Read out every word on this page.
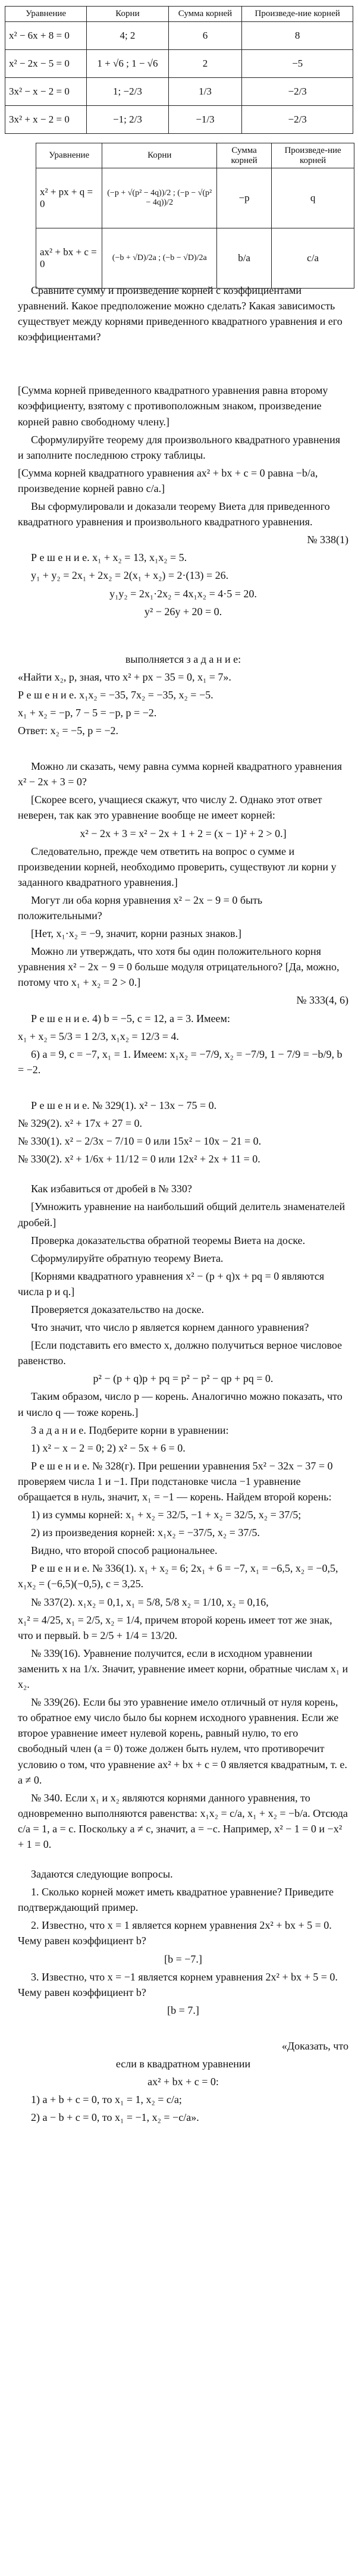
Уравнение	Корни	Сумма корней	Произведе-ние корней
x² − 6x + 8 = 0	4; 2	6	8
x² − 2x − 5 = 0	1 + √6 ; 1 − √6	2	−5
3x² − x − 2 = 0	1; −2/3	1/3	−2/3
3x² + x − 2 = 0	−1; 2/3	−1/3	−2/3
Уравнение	Корни	Сумма корней	Произведе-ние корней
x² + px + q = 0	(−p + √(p² − 4q))/2 ; (−p − √(p² − 4q))/2	−p	q
ax² + bx + c = 0	(−b + √D)/2a ; (−b − √D)/2a	b/a	c/a

Сравните сумму и произведение корней с коэффициентами уравнений. Какое предположение можно сделать? Какая зависимость существует между корнями приведенного квадратного уравнения и его коэффициентами?

[Сумма корней приведенного квадратного уравнения равна второму коэффициенту, взятому с противоположным знаком, произведение корней равно свободному члену.]

Сформулируйте теорему для произвольного квадратного уравнения и заполните последнюю строку таблицы.

[Сумма корней квадратного уравнения ax² + bx + c = 0 равна −b/a, произведение корней равно c/a.]

Вы сформулировали и доказали теорему Виета для приведенного квадратного уравнения и произвольного квадратного уравнения.

№ 338(1)

Р е ш е н и е. x₁ + x₂ = 13, x₁x₂ = 5.

y₁ + y₂ = 2x₁ + 2x₂ = 2(x₁ + x₂) = 2·(13) = 26.

y₁y₂ = 2x₁·2x₂ = 4x₁x₂ = 4·5 = 20.

y² − 26y + 20 = 0.

выполняется з а д а н и е:

«Найти x₂, p, зная, что x² + px − 35 = 0, x₁ = 7».

Р е ш е н и е. x₁x₂ = −35, 7x₂ = −35, x₂ = −5.

x₁ + x₂ = −p, 7 − 5 = −p, p = −2.

Ответ: x₂ = −5, p = −2.

Можно ли сказать, чему равна сумма корней квадратного уравнения x² − 2x + 3 = 0?

[Скорее всего, учащиеся скажут, что числу 2. Однако этот ответ неверен, так как это уравнение вообще не имеет корней:

x² − 2x + 3 = x² − 2x + 1 + 2 = (x − 1)² + 2 > 0.]

Следовательно, прежде чем ответить на вопрос о сумме и произведении корней, необходимо проверить, существуют ли корни у заданного квадратного уравнения.]

Могут ли оба корня уравнения x² − 2x − 9 = 0 быть положительными?

[Нет, x₁·x₂ = −9, значит, корни разных знаков.]

Можно ли утверждать, что хотя бы один положительного корня уравнения x² − 2x − 9 = 0 больше модуля отрицательного? [Да, можно, потому что x₁ + x₂ = 2 > 0.]

№ 333(4, 6)

Р е ш е н и е. 4) b = −5, c = 12, a = 3. Имеем:

x₁ + x₂ = 5/3 = 1 2/3, x₁x₂ = 12/3 = 4.

6) a = 9, c = −7, x₁ = 1. Имеем: x₁x₂ = −7/9, x₂ = −7/9, 1 − 7/9 = −b/9, b = −2.

Р е ш е н и е. № 329(1). x² − 13x − 75 = 0.

№ 329(2). x² + 17x + 27 = 0.

№ 330(1). x² − 2/3x − 7/10 = 0 или 15x² − 10x − 21 = 0.

№ 330(2). x² + 1/6x + 11/12 = 0 или 12x² + 2x + 11 = 0.

Как избавиться от дробей в № 330?

[Умножить уравнение на наибольший общий делитель знаменателей дробей.]

Проверка доказательства обратной теоремы Виета на доске.

Сформулируйте обратную теорему Виета.

[Корнями квадратного уравнения x² − (p + q)x + pq = 0 являются числа p и q.]

Проверяется доказательство на доске.

Что значит, что число p является корнем данного уравнения?

[Если подставить его вместо x, должно получиться верное числовое равенство.

p² − (p + q)p + pq = p² − p² − qp + pq = 0.

Таким образом, число p — корень. Аналогично можно показать, что и число q — тоже корень.]

З а д а н и е. Подберите корни в уравнении:

1) x² − x − 2 = 0; 2) x² − 5x + 6 = 0.

Р е ш е н и е. № 328(г). При решении уравнения 5x² − 32x − 37 = 0 проверяем числа 1 и −1. При подстановке числа −1 уравнение обращается в нуль, значит, x₁ = −1 — корень. Найдем второй корень:

1) из суммы корней: x₁ + x₂ = 32/5, −1 + x₂ = 32/5, x₂ = 37/5;

2) из произведения корней: x₁x₂ = −37/5, x₂ = 37/5.

Видно, что второй способ рациональнее.

Р е ш е н и е. № 336(1). x₁ + x₂ = 6; 2x₁ + 6 = −7, x₁ = −6,5, x₂ = −0,5, x₁x₂ = (−6,5)(−0,5), c = 3,25.

№ 337(2). x₁x₂ = 0,1, x₁ = 5/8, 5/8 x₂ = 1/10, x₂ = 0,16,

x₁² = 4/25, x₁ = 2/5, x₂ = 1/4, причем второй корень имеет тот же знак, что и первый. b = 2/5 + 1/4 = 13/20.

№ 339(16). Уравнение получится, если в исходном уравнении заменить x на 1/x. Значит, уравнение имеет корни, обратные числам x₁ и x₂.

№ 339(26). Если бы это уравнение имело отличный от нуля корень, то обратное ему число было бы корнем исходного уравнения. Если же второе уравнение имеет нулевой корень, равный нулю, то его свободный член (a = 0) тоже должен быть нулем, что противоречит условию о том, что уравнение ax² + bx + c = 0 является квадратным, т. е. a ≠ 0.

№ 340. Если x₁ и x₂ являются корнями данного уравнения, то одновременно выполняются равенства: x₁x₂ = c/a, x₁ + x₂ = −b/a. Отсюда c/a = 1, a = c. Поскольку a ≠ c, значит, a = −c. Например, x² − 1 = 0 и −x² + 1 = 0.

Задаются следующие вопросы.

1. Сколько корней может иметь квадратное уравнение? Приведите подтверждающий пример.

2. Известно, что x = 1 является корнем уравнения 2x² + bx + 5 = 0. Чему равен коэффициент b?

[b = −7.]

3. Известно, что x = −1 является корнем уравнения 2x² + bx + 5 = 0. Чему равен коэффициент b?

[b = 7.]

«Доказать, что

если в квадратном уравнении

ax² + bx + c = 0:

1) a + b + c = 0, то x₁ = 1, x₂ = c/a;

2) a − b + c = 0, то x₁ = −1, x₂ = −c/a».
